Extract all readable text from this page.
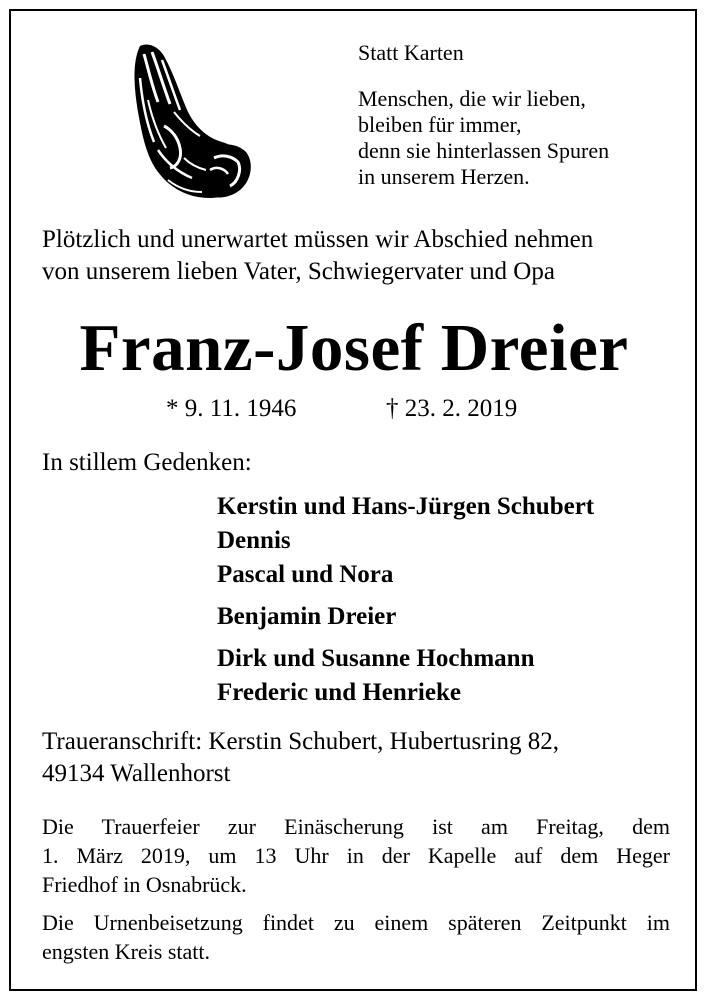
Statt Karten
Menschen, die wir lieben,
bleiben für immer,
denn sie hinterlassen Spuren
in unserem Herzen.
Plötzlich und unerwartet müssen wir Abschied nehmen
von unserem lieben Vater, Schwiegervater und Opa
Franz-Josef Dreier
* 9. 11. 1946	† 23. 2. 2019
In stillem Gedenken:
Kerstin und Hans-Jürgen Schubert
Dennis
Pascal und Nora
Benjamin Dreier
Dirk und Susanne Hochmann
Frederic und Henrieke
Traueranschrift: Kerstin Schubert, Hubertusring 82,
49134 Wallenhorst
Die Trauerfeier zur Einäscherung ist am Freitag, dem
1. März 2019, um 13 Uhr in der Kapelle auf dem Heger
Friedhof in Osnabrück.
Die Urnenbeisetzung findet zu einem späteren Zeitpunkt im
engsten Kreis statt.
